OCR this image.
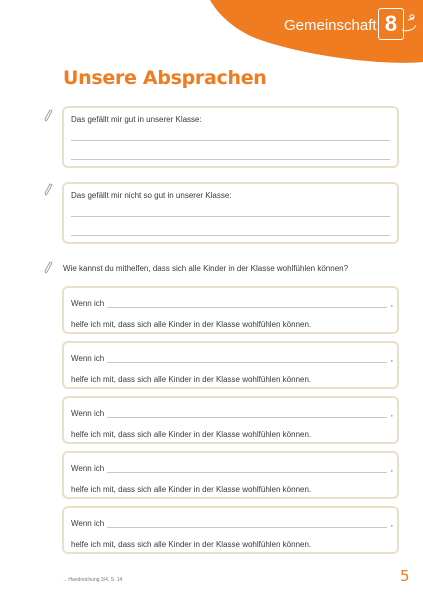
Gemeinschaft 8
Unsere Absprachen
Das gefällt mir gut in unserer Klasse:
Das gefällt mir nicht so gut in unserer Klasse:
Wie kannst du mithelfen, dass sich alle Kinder in der Klasse wohlfühlen können?
Wenn ich	,
helfe ich mit, dass sich alle Kinder in der Klasse wohlfühlen können.
Wenn ich	,
helfe ich mit, dass sich alle Kinder in der Klasse wohlfühlen können.
Wenn ich	,
helfe ich mit, dass sich alle Kinder in der Klasse wohlfühlen können.
Wenn ich	,
helfe ich mit, dass sich alle Kinder in der Klasse wohlfühlen können.
Wenn ich	,
helfe ich mit, dass sich alle Kinder in der Klasse wohlfühlen können.
→ Handreichung 3/4, S. 14	5
